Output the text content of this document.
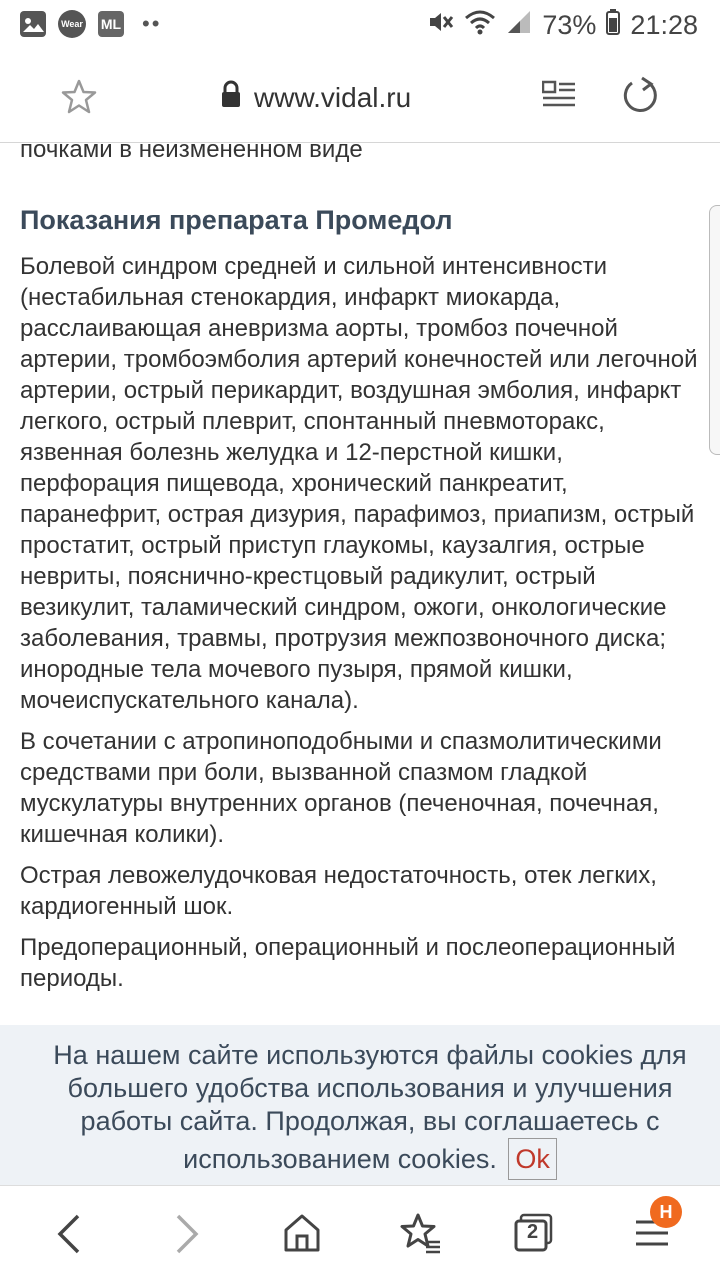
Wear ML ••	73% 21:28
www.vidal.ru

почками в неизмененном виде

Показания препарата Промедол

Болевой синдром средней и сильной интенсивности (нестабильная стенокардия, инфаркт миокарда, расслаивающая аневризма аорты, тромбоз почечной артерии, тромбоэмболия артерий конечностей или легочной артерии, острый перикардит, воздушная эмболия, инфаркт легкого, острый плеврит, спонтанный пневмоторакс, язвенная болезнь желудка и 12-перстной кишки, перфорация пищевода, хронический панкреатит, паранефрит, острая дизурия, парафимоз, приапизм, острый простатит, острый приступ глаукомы, каузалгия, острые невриты, пояснично-крестцовый радикулит, острый везикулит, таламический синдром, ожоги, онкологические заболевания, травмы, протрузия межпозвоночного диска; инородные тела мочевого пузыря, прямой кишки, мочеиспускательного канала).

В сочетании с атропиноподобными и спазмолитическими средствами при боли, вызванной спазмом гладкой мускулатуры внутренних органов (печеночная, почечная, кишечная колики).

Острая левожелудочковая недостаточность, отек легких, кардиогенный шок.

Предоперационный, операционный и послеоперационный периоды.

На нашем сайте используются файлы cookies для большего удобства использования и улучшения работы сайта. Продолжая, вы соглашаетесь с использованием cookies. Ok
2
H
